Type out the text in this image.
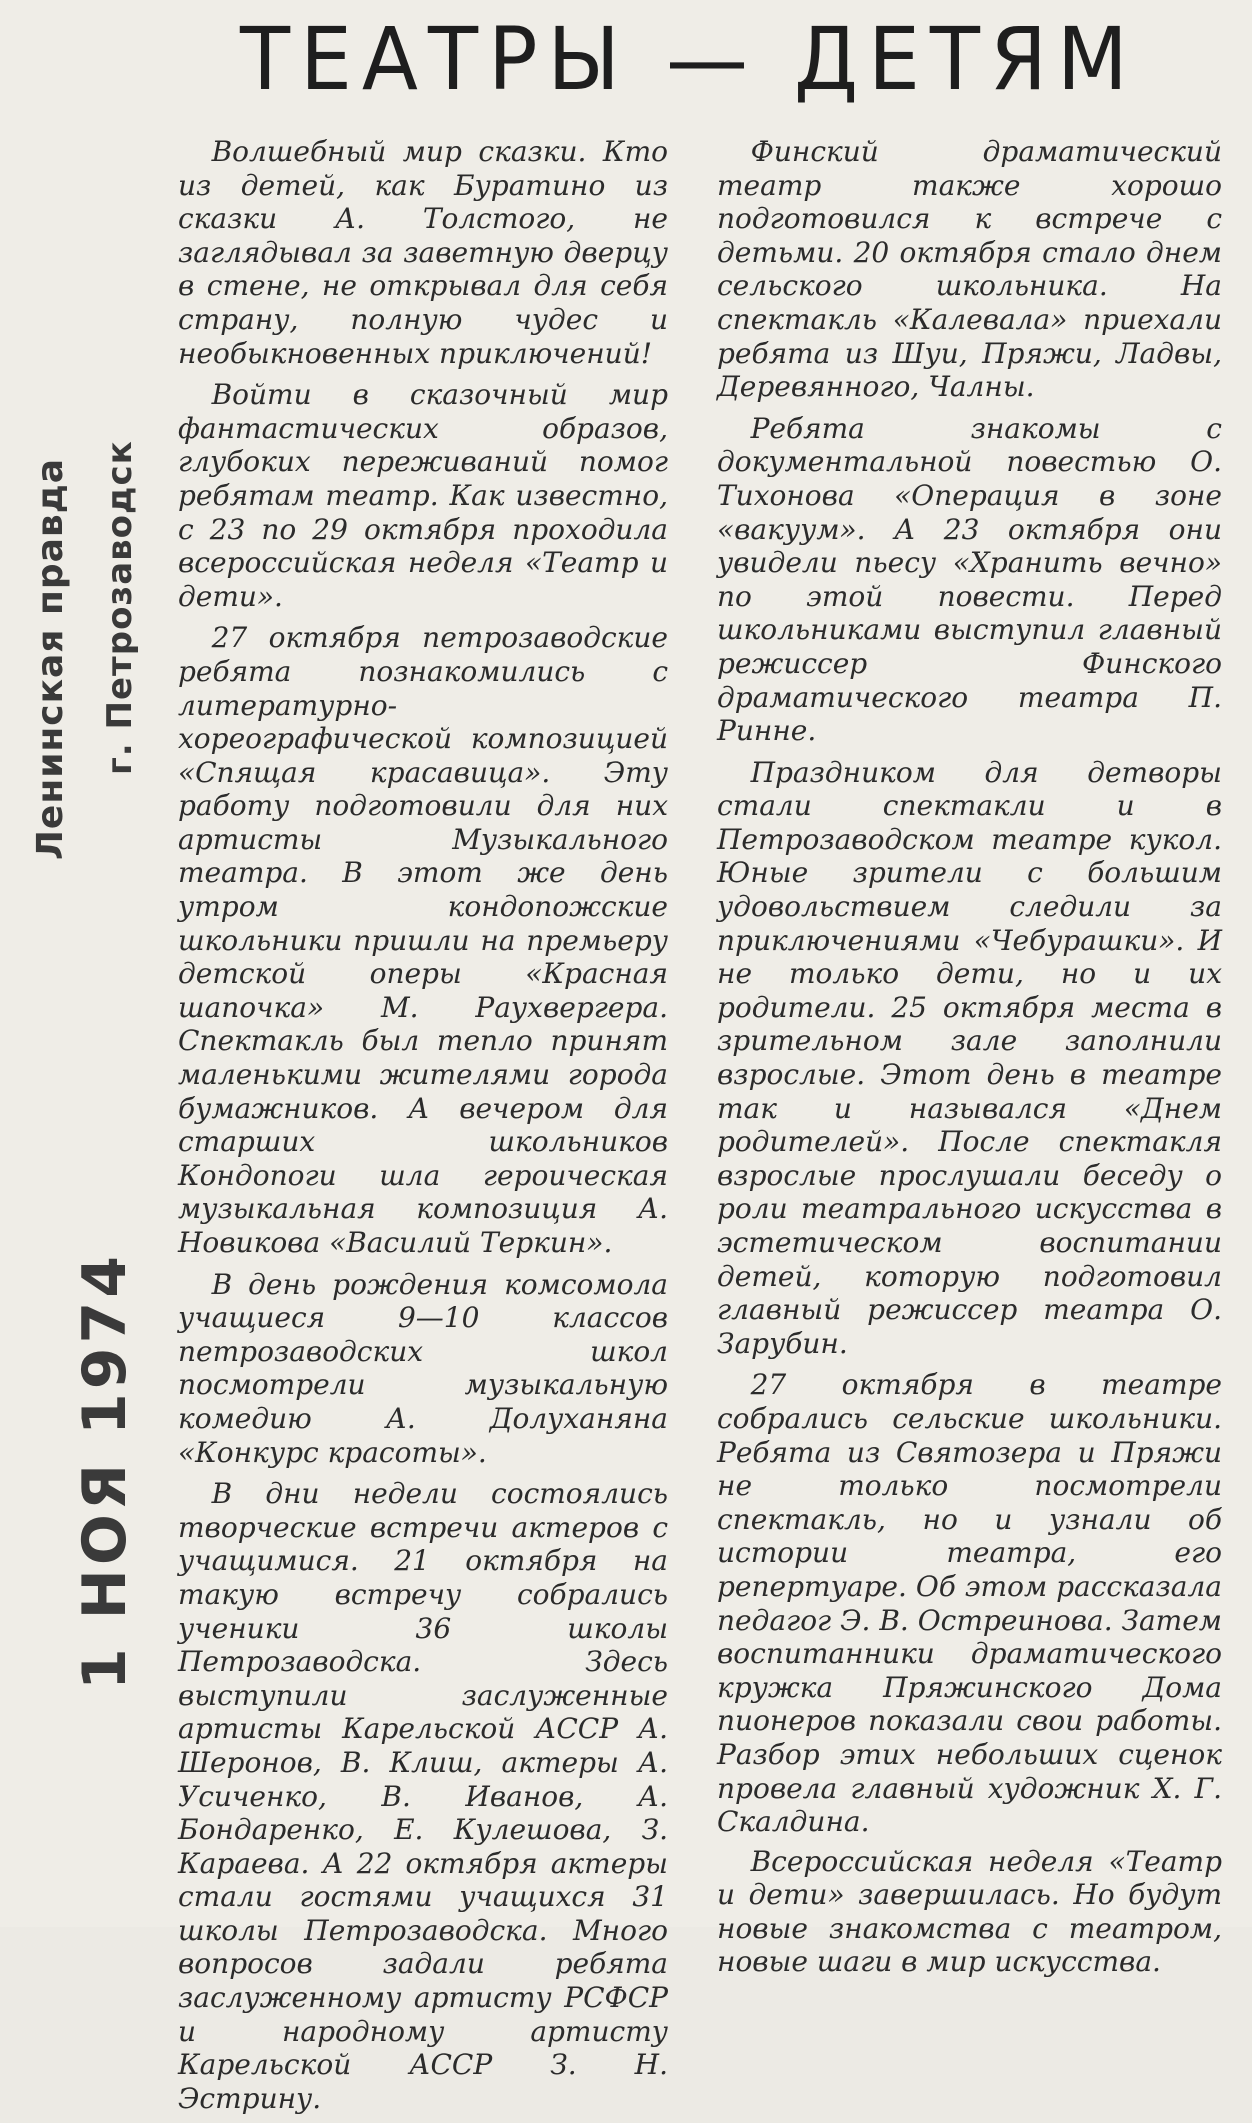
ТЕАТРЫ — ДЕТЯМ
Ленинская правда г. Петрозаводск
1 НОЯ 1974

Волшебный мир сказки. Кто из детей, как Буратино из сказки А. Толстого, не заглядывал за заветную дверцу в стене, не открывал для себя страну, полную чудес и необыкновенных приключений!

Войти в сказочный мир фантастических образов, глубоких переживаний помог ребятам театр. Как известно, с 23 по 29 октября проходила всероссийская неделя «Театр и дети».

27 октября петрозаводские ребята познакомились с литературно-хореографической композицией «Спящая красавица». Эту работу подготовили для них артисты Музыкального театра. В этот же день утром кондопожские школьники пришли на премьеру детской оперы «Красная шапочка» М. Раухвергера. Спектакль был тепло принят маленькими жителями города бумажников. А вечером для старших школьников Кондопоги шла героическая музыкальная композиция А. Новикова «Василий Теркин».

В день рождения комсомола учащиеся 9—10 классов петрозаводских школ посмотрели музыкальную комедию А. Долуханяна «Конкурс красоты».

В дни недели состоялись творческие встречи актеров с учащимися. 21 октября на такую встречу собрались ученики 36 школы Петрозаводска. Здесь выступили заслуженные артисты Карельской АССР А. Шеронов, В. Клиш, актеры А. Усиченко, В. Иванов, А. Бондаренко, Е. Кулешова, З. Караева. А 22 октября актеры стали гостями учащихся 31 школы Петрозаводска. Много вопросов задали ребята заслуженному артисту РСФСР и народному артисту Карельской АССР З. Н. Эстрину.

Финский драматический театр также хорошо подготовился к встрече с детьми. 20 октября стало днем сельского школьника. На спектакль «Калевала» приехали ребята из Шуи, Пряжи, Ладвы, Деревянного, Чалны.

Ребята знакомы с документальной повестью О. Тихонова «Операция в зоне «вакуум». А 23 октября они увидели пьесу «Хранить вечно» по этой повести. Перед школьниками выступил главный режиссер Финского драматического театра П. Ринне.

Праздником для детворы стали спектакли и в Петрозаводском театре кукол. Юные зрители с большим удовольствием следили за приключениями «Чебурашки». И не только дети, но и их родители. 25 октября места в зрительном зале заполнили взрослые. Этот день в театре так и назывался «Днем родителей». После спектакля взрослые прослушали беседу о роли театрального искусства в эстетическом воспитании детей, которую подготовил главный режиссер театра О. Зарубин.

27 октября в театре собрались сельские школьники. Ребята из Святозера и Пряжи не только посмотрели спектакль, но и узнали об истории театра, его репертуаре. Об этом рассказала педагог Э. В. Остреинова. Затем воспитанники драматического кружка Пряжинского Дома пионеров показали свои работы. Разбор этих небольших сценок провела главный художник Х. Г. Скалдина.

Всероссийская неделя «Театр и дети» завершилась. Но будут новые знакомства с театром, новые шаги в мир искусства.
